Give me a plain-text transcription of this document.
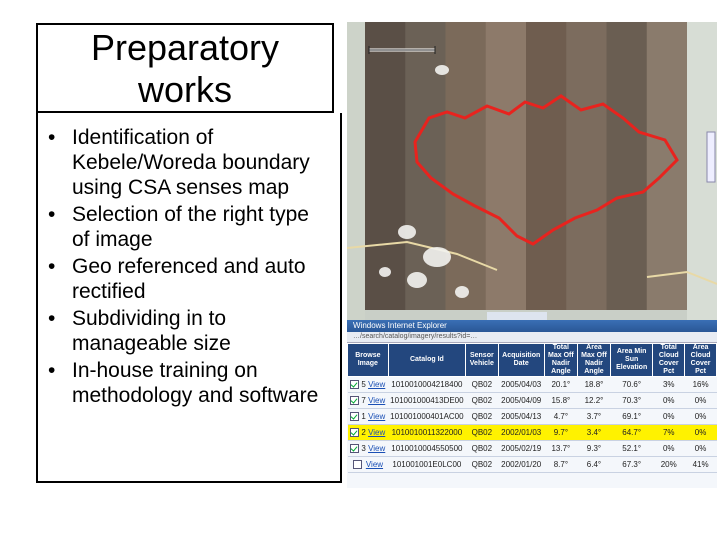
Preparatory
works
• Identification of Kebele/Woreda boundary using CSA senses map
• Selection of the right type of image
• Geo referenced and auto rectified
• Subdividing in to manageable size
• In-house training on methodology and software
Windows Internet Explorer
…/search/catalog/imagery/results?id=…
Browse Image	Catalog Id	Sensor Vehicle	Acquisition Date	Total Max Off Nadir Angle	Area Max Off Nadir Angle	Area Min Sun Elevation	Total Cloud Cover Pct	Area Cloud Cover Pct
5 View	1010010004218400	QB02	2005/04/03	20.1°	18.8°	70.6°	3%	16%
7 View	101001000413DE00	QB02	2005/04/09	15.8°	12.2°	70.3°	0%	0%
1 View	101001000401AC00	QB02	2005/04/13	4.7°	3.7°	69.1°	0%	0%
2 View	1010010011322000	QB02	2002/01/03	9.7°	3.4°	64.7°	7%	0%
3 View	1010010004550500	QB02	2005/02/19	13.7°	9.3°	52.1°	0%	0%
View	101001001E0LC00	QB02	2002/01/20	8.7°	6.4°	67.3°	20%	41%
